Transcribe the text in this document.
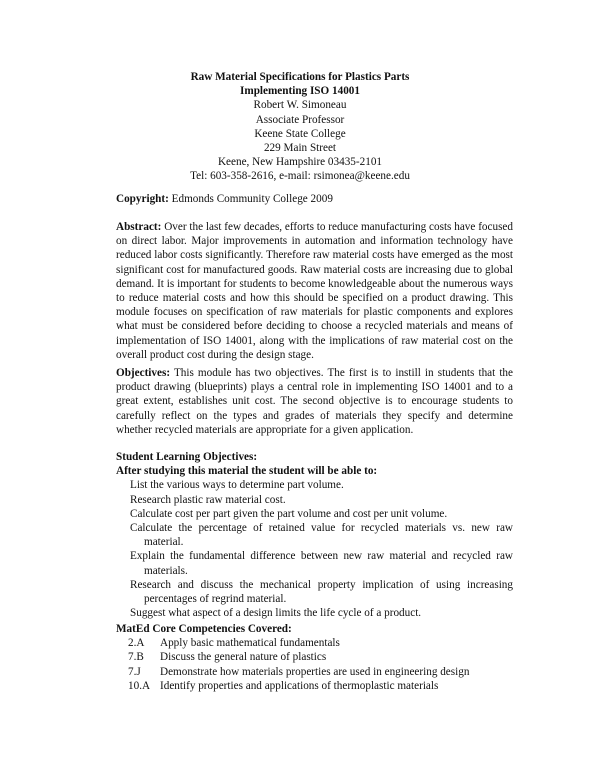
Raw Material Specifications for Plastics Parts
Implementing ISO 14001
Robert W. Simoneau
Associate Professor
Keene State College
229 Main Street
Keene, New Hampshire 03435-2101
Tel: 603-358-2616, e-mail: rsimonea@keene.edu
Copyright: Edmonds Community College 2009
Abstract: Over the last few decades, efforts to reduce manufacturing costs have focused on direct labor. Major improvements in automation and information technology have reduced labor costs significantly. Therefore raw material costs have emerged as the most significant cost for manufactured goods. Raw material costs are increasing due to global demand. It is important for students to become knowledgeable about the numerous ways to reduce material costs and how this should be specified on a product drawing. This module focuses on specification of raw materials for plastic components and explores what must be considered before deciding to choose a recycled materials and means of implementation of ISO 14001, along with the implications of raw material cost on the overall product cost during the design stage.
Objectives: This module has two objectives. The first is to instill in students that the product drawing (blueprints) plays a central role in implementing ISO 14001 and to a great extent, establishes unit cost. The second objective is to encourage students to carefully reflect on the types and grades of materials they specify and determine whether recycled materials are appropriate for a given application.
Student Learning Objectives:
After studying this material the student will be able to:
List the various ways to determine part volume.
Research plastic raw material cost.
Calculate cost per part given the part volume and cost per unit volume.
Calculate the percentage of retained value for recycled materials vs. new raw material.
Explain the fundamental difference between new raw material and recycled raw materials.
Research and discuss the mechanical property implication of using increasing percentages of regrind material.
Suggest what aspect of a design limits the life cycle of a product.
MatEd Core Competencies Covered:
2.A Apply basic mathematical fundamentals
7.B Discuss the general nature of plastics
7.J Demonstrate how materials properties are used in engineering design
10.A Identify properties and applications of thermoplastic materials
